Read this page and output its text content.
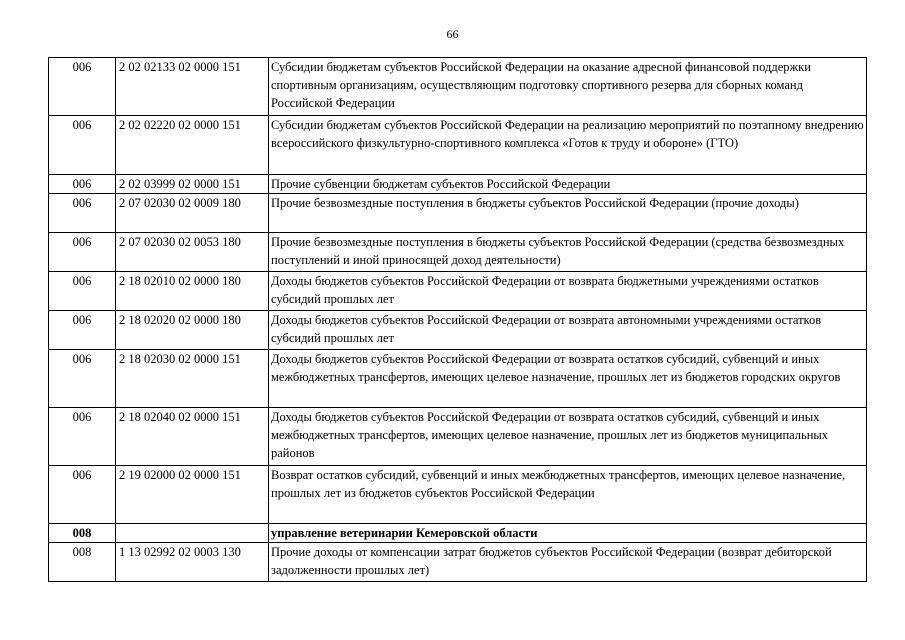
66
006	2 02 02133 02 0000 151	Субсидии бюджетам субъектов Российской Федерации на оказание адресной финансовой поддержки спортивным организациям, осуществляющим подготовку спортивного резерва для сборных команд Российской Федерации
006	2 02 02220 02 0000 151	Субсидии бюджетам субъектов Российской Федерации на реализацию мероприятий по поэтапному внедрению всероссийского физкультурно-спортивного комплекса «Готов к труду и обороне» (ГТО)
006	2 02 03999 02 0000 151	Прочие субвенции бюджетам субъектов Российской Федерации
006	2 07 02030 02 0009 180	Прочие безвозмездные поступления в бюджеты субъектов Российской Федерации (прочие доходы)
006	2 07 02030 02 0053 180	Прочие безвозмездные поступления в бюджеты субъектов Российской Федерации (средства безвозмездных поступлений и иной приносящей доход деятельности)
006	2 18 02010 02 0000 180	Доходы бюджетов субъектов Российской Федерации от возврата бюджетными учреждениями остатков субсидий прошлых лет
006	2 18 02020 02 0000 180	Доходы бюджетов субъектов Российской Федерации от возврата автономными учреждениями остатков субсидий прошлых лет
006	2 18 02030 02 0000 151	Доходы бюджетов субъектов Российской Федерации от возврата остатков субсидий, субвенций и иных межбюджетных трансфертов, имеющих целевое назначение, прошлых лет из бюджетов городских округов
006	2 18 02040 02 0000 151	Доходы бюджетов субъектов Российской Федерации от возврата остатков субсидий, субвенций и иных межбюджетных трансфертов, имеющих целевое назначение, прошлых лет из бюджетов муниципальных районов
006	2 19 02000 02 0000 151	Возврат остатков субсидий, субвенций и иных межбюджетных трансфертов, имеющих целевое назначение, прошлых лет из бюджетов субъектов Российской Федерации
008		управление ветеринарии Кемеровской области
008	1 13 02992 02 0003 130	Прочие доходы от компенсации затрат бюджетов субъектов Российской Федерации (возврат дебиторской задолженности прошлых лет)
